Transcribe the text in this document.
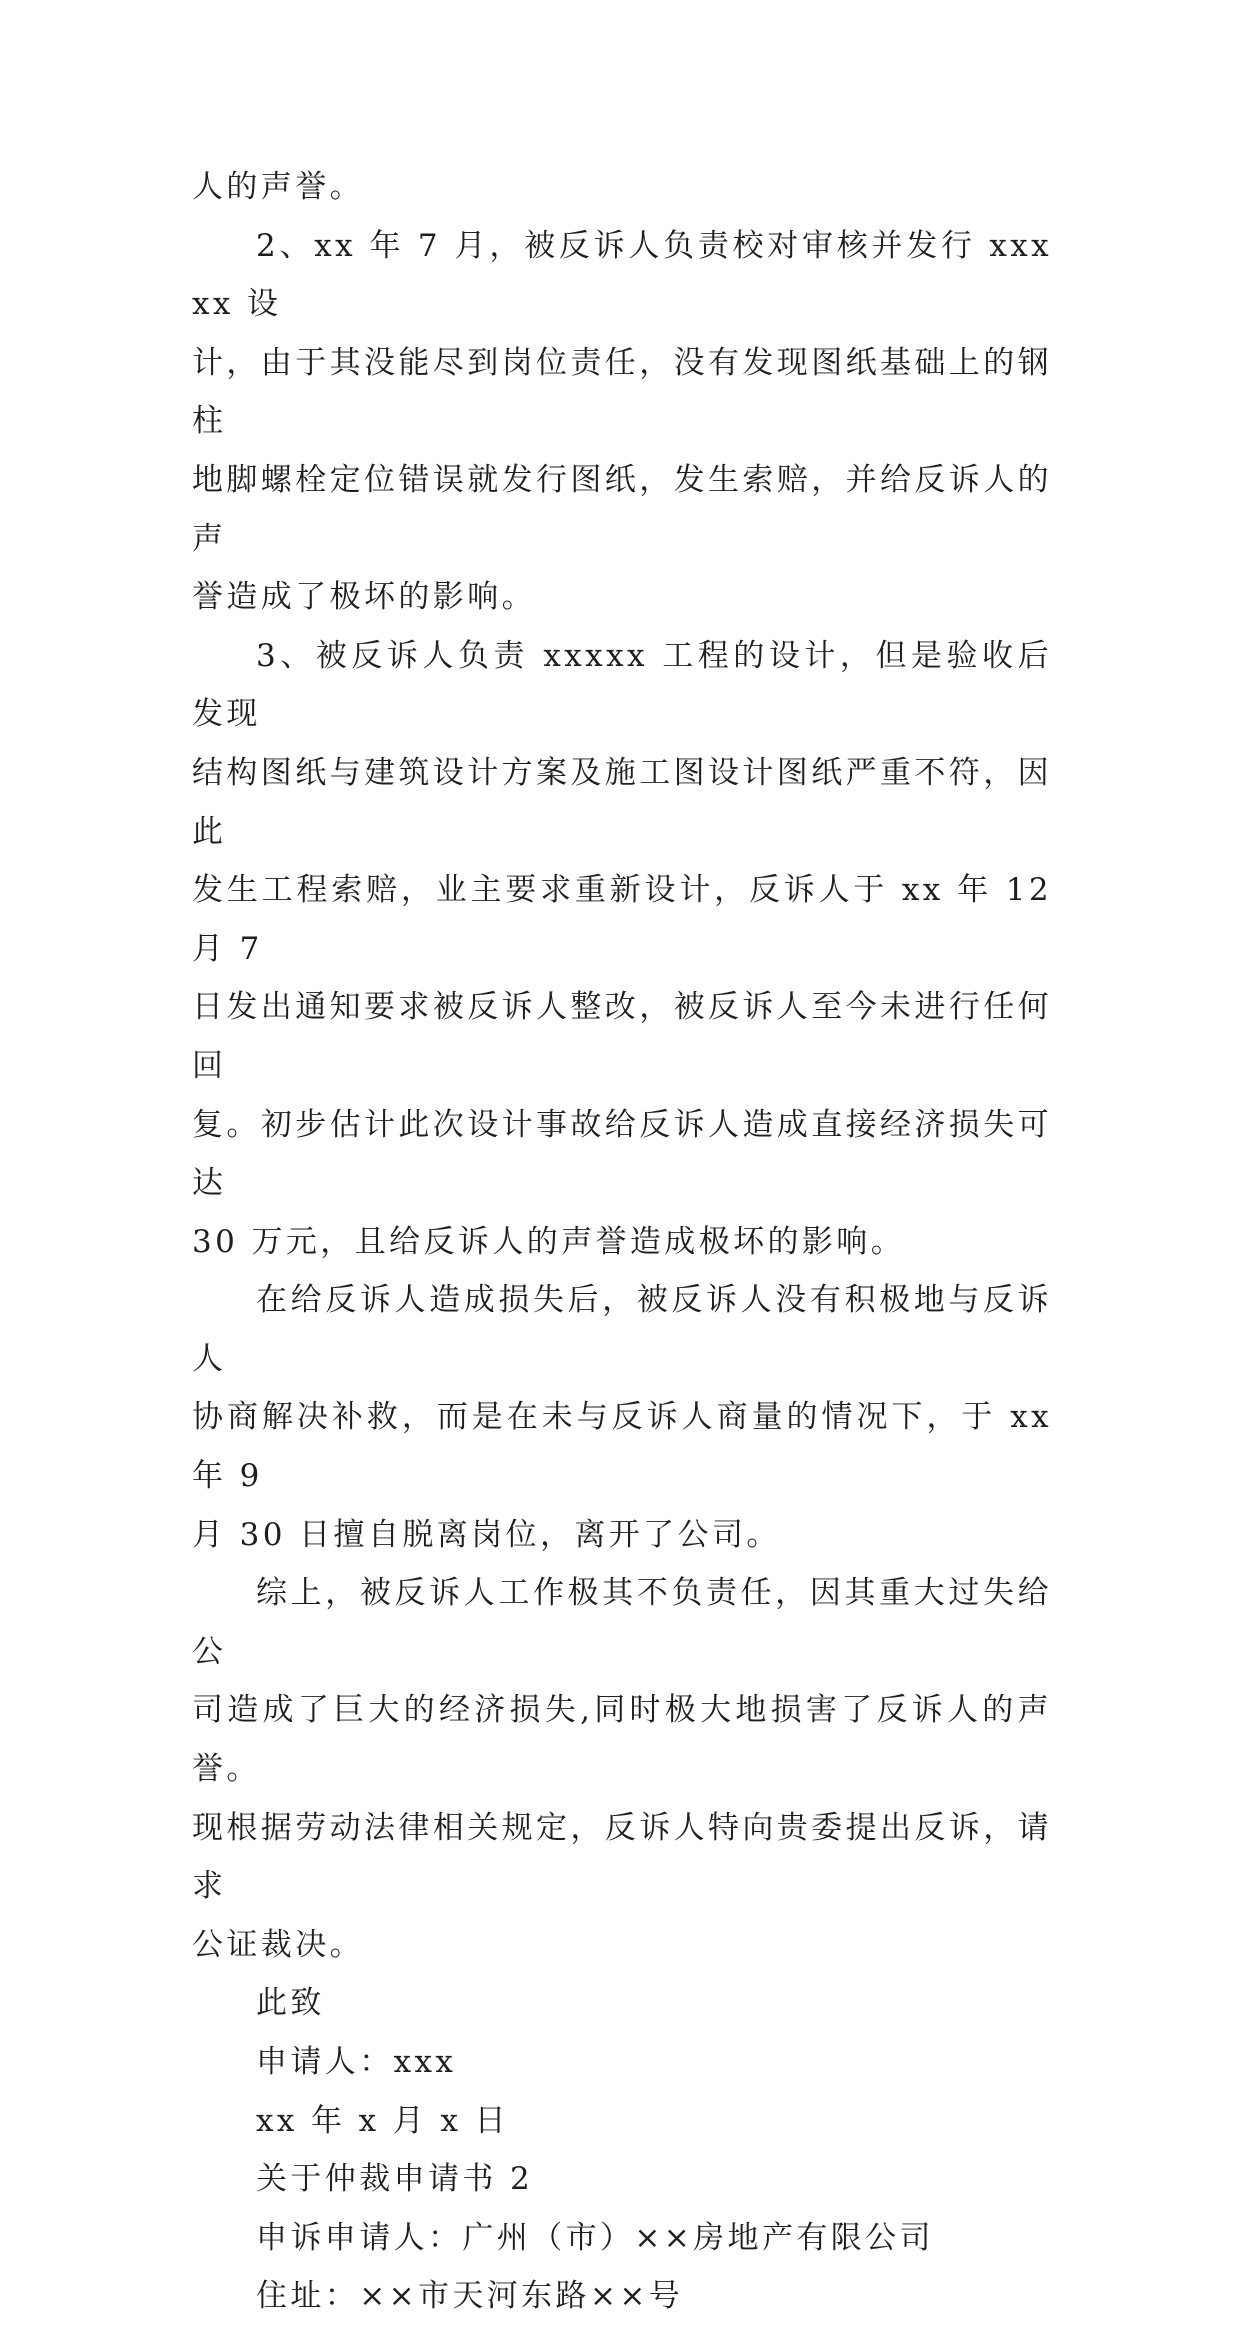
人的声誉。

2、xx 年 7 月，被反诉人负责校对审核并发行 xxxxx 设
计，由于其没能尽到岗位责任，没有发现图纸基础上的钢柱
地脚螺栓定位错误就发行图纸，发生索赔，并给反诉人的声
誉造成了极坏的影响。

3、被反诉人负责 xxxxx 工程的设计，但是验收后发现
结构图纸与建筑设计方案及施工图设计图纸严重不符，因此
发生工程索赔，业主要求重新设计，反诉人于 xx 年 12 月 7
日发出通知要求被反诉人整改，被反诉人至今未进行任何回
复。初步估计此次设计事故给反诉人造成直接经济损失可达
30 万元，且给反诉人的声誉造成极坏的影响。

在给反诉人造成损失后，被反诉人没有积极地与反诉人
协商解决补救，而是在未与反诉人商量的情况下，于 xx 年 9
月 30 日擅自脱离岗位，离开了公司。

综上，被反诉人工作极其不负责任，因其重大过失给公
司造成了巨大的经济损失,同时极大地损害了反诉人的声誉。
现根据劳动法律相关规定，反诉人特向贵委提出反诉，请求
公证裁决。

此致

申请人：xxx

xx 年 x 月 x 日

关于仲裁申请书 2

申诉申请人：广州（市）××房地产有限公司

住址：××市天河东路××号
